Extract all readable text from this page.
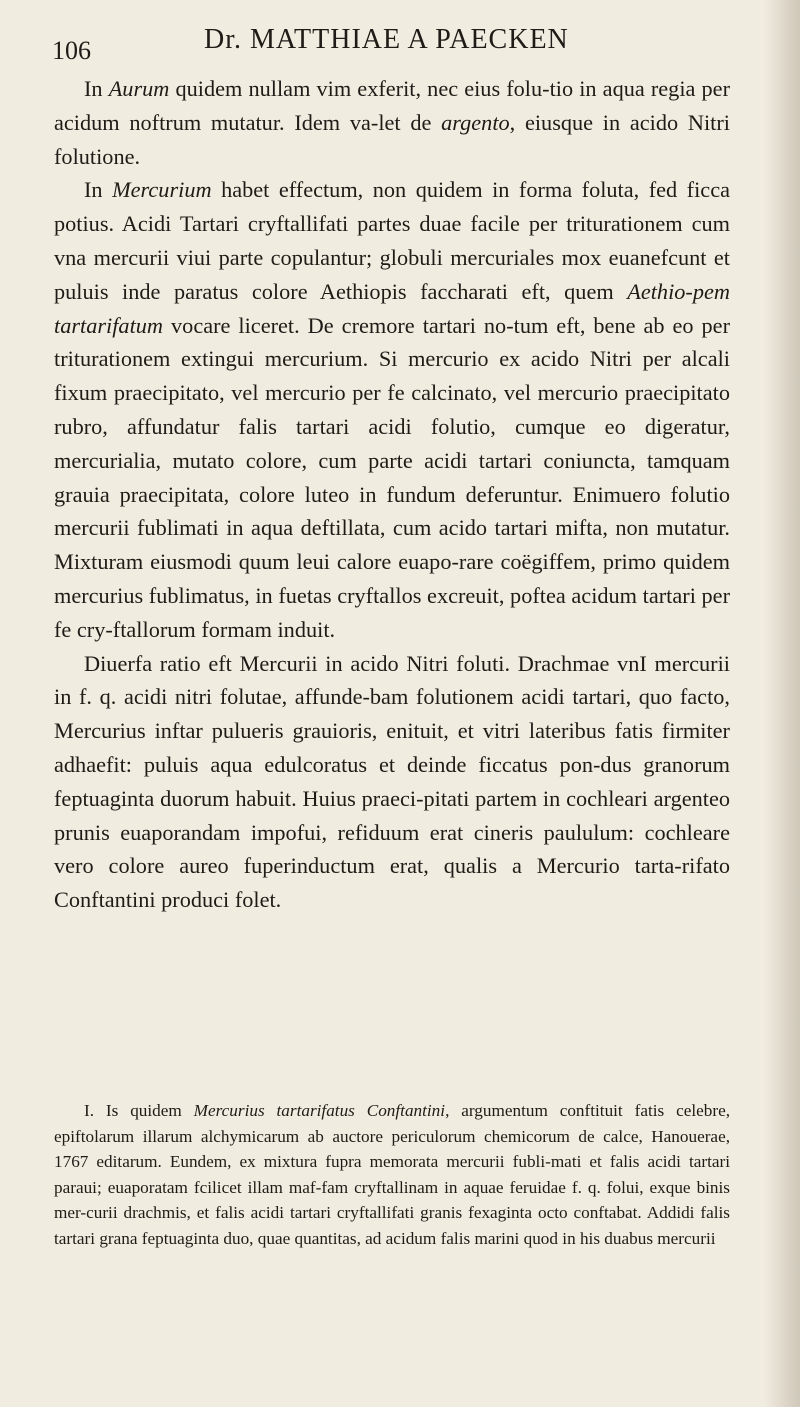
106	Dr. MATTHIAE A PAECKEN

In Aurum quidem nullam vim exferit, nec eius folu-tio in aqua regia per acidum noftrum mutatur. Idem va-let de argento, eiusque in acido Nitri folutione.

In Mercurium habet effectum, non quidem in forma foluta, fed ficca potius. Acidi Tartari cryftallifati partes duae facile per triturationem cum vna mercurii viui parte copulantur; globuli mercuriales mox euanefcunt et puluis inde paratus colore Aethiopis faccharati eft, quem Aethio-pem tartarifatum vocare liceret. De cremore tartari no-tum eft, bene ab eo per triturationem extingui mercurium. Si mercurio ex acido Nitri per alcali fixum praecipitato, vel mercurio per fe calcinato, vel mercurio praecipitato rubro, affundatur falis tartari acidi folutio, cumque eo digeratur, mercurialia, mutato colore, cum parte acidi tartari coniuncta, tamquam grauia praecipitata, colore luteo in fundum deferuntur. Enimuero folutio mercurii fublimati in aqua deftillata, cum acido tartari mifta, non mutatur. Mixturam eiusmodi quum leui calore euapo-rare coëgiffem, primo quidem mercurius fublimatus, in fuetas cryftallos excreuit, poftea acidum tartari per fe cry-ftallorum formam induit.

Diuerfa ratio eft Mercurii in acido Nitri foluti. Drachmae vnI mercurii in f. q. acidi nitri folutae, affunde-bam folutionem acidi tartari, quo facto, Mercurius inftar pulueris grauioris, enituit, et vitri lateribus fatis firmiter adhaefit: puluis aqua edulcoratus et deinde ficcatus pon-dus granorum feptuaginta duorum habuit. Huius praeci-pitati partem in cochleari argenteo prunis euaporandam impofui, refiduum erat cineris paululum: cochleare vero colore aureo fuperinductum erat, qualis a Mercurio tarta-rifato Conftantini produci folet.

I. Is quidem Mercurius tartarifatus Conftantini, argumentum conftituit fatis celebre, epiftolarum illarum alchymicarum ab auctore periculorum chemicorum de calce, Hanouerae, 1767 editarum. Eundem, ex mixtura fupra memorata mercurii fubli-mati et falis acidi tartari paraui; euaporatam fcilicet illam maf-fam cryftallinam in aquae feruidae f. q. folui, exque binis mer-curii drachmis, et falis acidi tartari cryftallifati granis fexaginta octo conftabat. Addidi falis tartari grana feptuaginta duo, quae quantitas, ad acidum falis marini quod in his duabus mercurii
